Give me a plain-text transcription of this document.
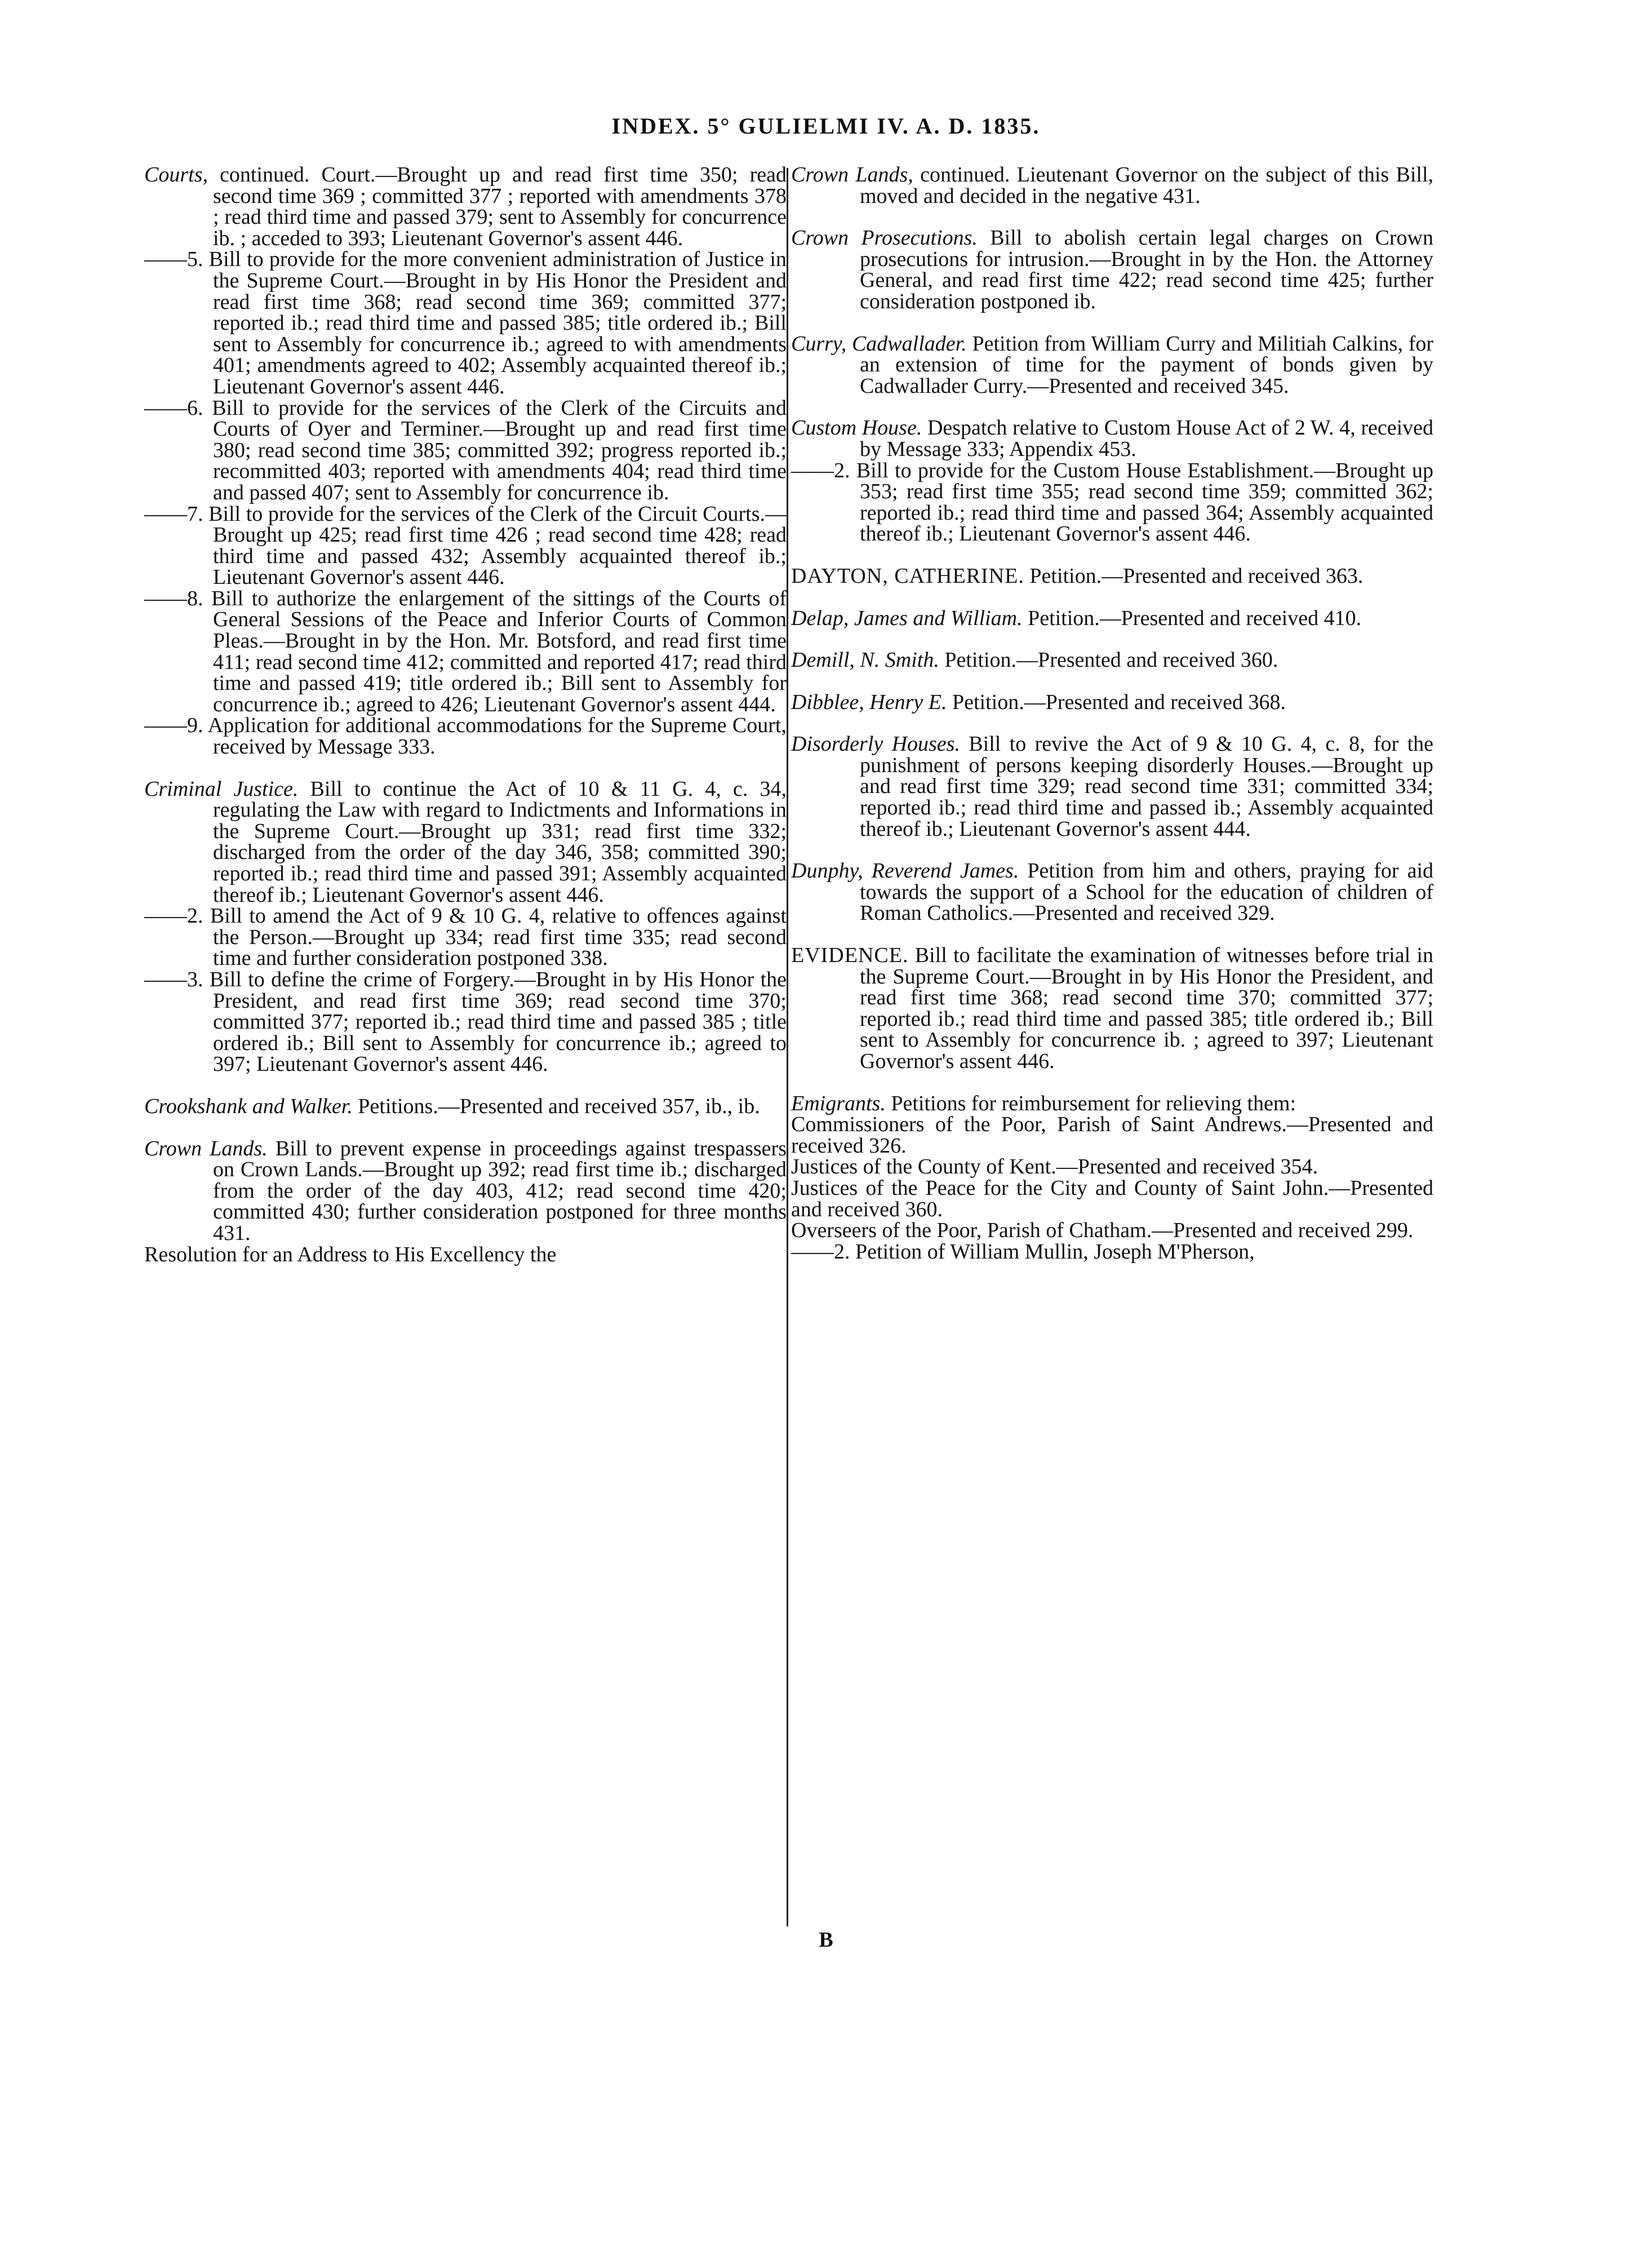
INDEX. 5° GULIELMI IV. A. D. 1835.

Courts, continued. Court.—Brought up and read first time 350; read second time 369 ; committed 377 ; reported with amendments 378 ; read third time and passed 379; sent to Assembly for concurrence ib. ; acceded to 393; Lieutenant Governor's assent 446.

——5. Bill to provide for the more convenient administration of Justice in the Supreme Court.—Brought in by His Honor the President and read first time 368; read second time 369; committed 377; reported ib.; read third time and passed 385; title ordered ib.; Bill sent to Assembly for concurrence ib.; agreed to with amendments 401; amendments agreed to 402; Assembly acquainted thereof ib.; Lieutenant Governor's assent 446.

——6. Bill to provide for the services of the Clerk of the Circuits and Courts of Oyer and Terminer.—Brought up and read first time 380; read second time 385; committed 392; progress reported ib.; recommitted 403; reported with amendments 404; read third time and passed 407; sent to Assembly for concurrence ib.

——7. Bill to provide for the services of the Clerk of the Circuit Courts.—Brought up 425; read first time 426 ; read second time 428; read third time and passed 432; Assembly acquainted thereof ib.; Lieutenant Governor's assent 446.

——8. Bill to authorize the enlargement of the sittings of the Courts of General Sessions of the Peace and Inferior Courts of Common Pleas.—Brought in by the Hon. Mr. Botsford, and read first time 411; read second time 412; committed and reported 417; read third time and passed 419; title ordered ib.; Bill sent to Assembly for concurrence ib.; agreed to 426; Lieutenant Governor's assent 444.

——9. Application for additional accommodations for the Supreme Court, received by Message 333.

Criminal Justice. Bill to continue the Act of 10 & 11 G. 4, c. 34, regulating the Law with regard to Indictments and Informations in the Supreme Court.—Brought up 331; read first time 332; discharged from the order of the day 346, 358; committed 390; reported ib.; read third time and passed 391; Assembly acquainted thereof ib.; Lieutenant Governor's assent 446.

——2. Bill to amend the Act of 9 & 10 G. 4, relative to offences against the Person.—Brought up 334; read first time 335; read second time and further consideration postponed 338.

——3. Bill to define the crime of Forgery.—Brought in by His Honor the President, and read first time 369; read second time 370; committed 377; reported ib.; read third time and passed 385 ; title ordered ib.; Bill sent to Assembly for concurrence ib.; agreed to 397; Lieutenant Governor's assent 446.

Crookshank and Walker. Petitions.—Presented and received 357, ib., ib.

Crown Lands. Bill to prevent expense in proceedings against trespassers on Crown Lands.—Brought up 392; read first time ib.; discharged from the order of the day 403, 412; read second time 420; committed 430; further consideration postponed for three months 431.

Resolution for an Address to His Excellency the

Crown Lands, continued. Lieutenant Governor on the subject of this Bill, moved and decided in the negative 431.

Crown Prosecutions. Bill to abolish certain legal charges on Crown prosecutions for intrusion.—Brought in by the Hon. the Attorney General, and read first time 422; read second time 425; further consideration postponed ib.

Curry, Cadwallader. Petition from William Curry and Militiah Calkins, for an extension of time for the payment of bonds given by Cadwallader Curry.—Presented and received 345.

Custom House. Despatch relative to Custom House Act of 2 W. 4, received by Message 333; Appendix 453.

——2. Bill to provide for the Custom House Establishment.—Brought up 353; read first time 355; read second time 359; committed 362; reported ib.; read third time and passed 364; Assembly acquainted thereof ib.; Lieutenant Governor's assent 446.

DAYTON, CATHERINE. Petition.—Presented and received 363.

Delap, James and William. Petition.—Presented and received 410.

Demill, N. Smith. Petition.—Presented and received 360.

Dibblee, Henry E. Petition.—Presented and received 368.

Disorderly Houses. Bill to revive the Act of 9 & 10 G. 4, c. 8, for the punishment of persons keeping disorderly Houses.—Brought up and read first time 329; read second time 331; committed 334; reported ib.; read third time and passed ib.; Assembly acquainted thereof ib.; Lieutenant Governor's assent 444.

Dunphy, Reverend James. Petition from him and others, praying for aid towards the support of a School for the education of children of Roman Catholics.—Presented and received 329.

EVIDENCE. Bill to facilitate the examination of witnesses before trial in the Supreme Court.—Brought in by His Honor the President, and read first time 368; read second time 370; committed 377; reported ib.; read third time and passed 385; title ordered ib.; Bill sent to Assembly for concurrence ib. ; agreed to 397; Lieutenant Governor's assent 446.

Emigrants. Petitions for reimbursement for relieving them:

Commissioners of the Poor, Parish of Saint Andrews.—Presented and received 326.

Justices of the County of Kent.—Presented and received 354.

Justices of the Peace for the City and County of Saint John.—Presented and received 360.

Overseers of the Poor, Parish of Chatham.—Presented and received 299.

——2. Petition of William Mullin, Joseph M'Pherson,

B
